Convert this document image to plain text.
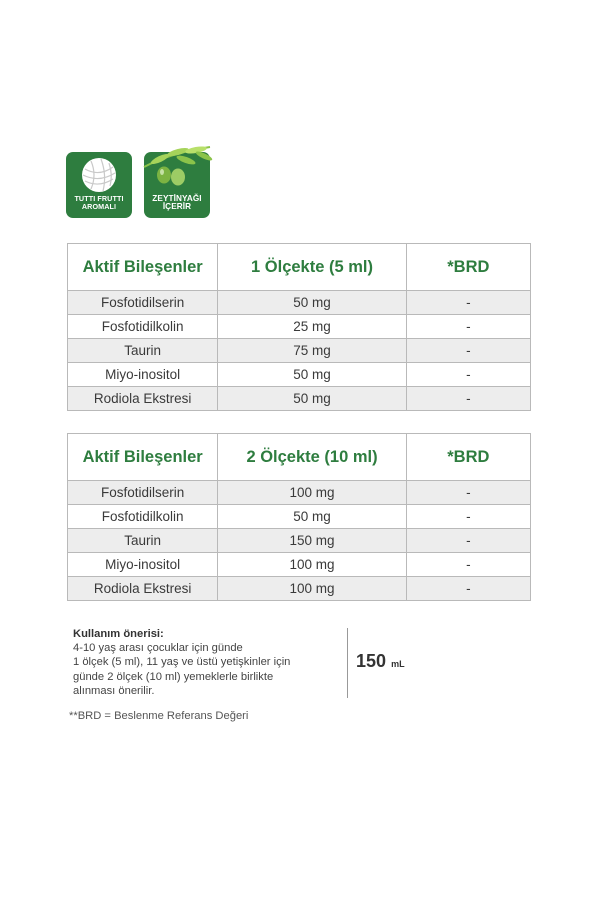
TUTTI FRUTTI
AROMALI
ZEYTİNYAĞI
İÇERİR
Aktif Bileşenler	1 Ölçekte (5 ml)	*BRD
Fosfotidilserin	50 mg	-
Fosfotidilkolin	25 mg	-
Taurin	75 mg	-
Miyo-inositol	50 mg	-
Rodiola Ekstresi	50 mg	-
Aktif Bileşenler	2 Ölçekte (10 ml)	*BRD
Fosfotidilserin	100 mg	-
Fosfotidilkolin	50 mg	-
Taurin	150 mg	-
Miyo-inositol	100 mg	-
Rodiola Ekstresi	100 mg	-
Kullanım önerisi:
4-10 yaş arası çocuklar için günde
1 ölçek (5 ml), 11 yaş ve üstü yetişkinler için
günde 2 ölçek (10 ml) yemeklerle birlikte
alınması önerilir.
150 mL
**BRD = Beslenme Referans Değeri
